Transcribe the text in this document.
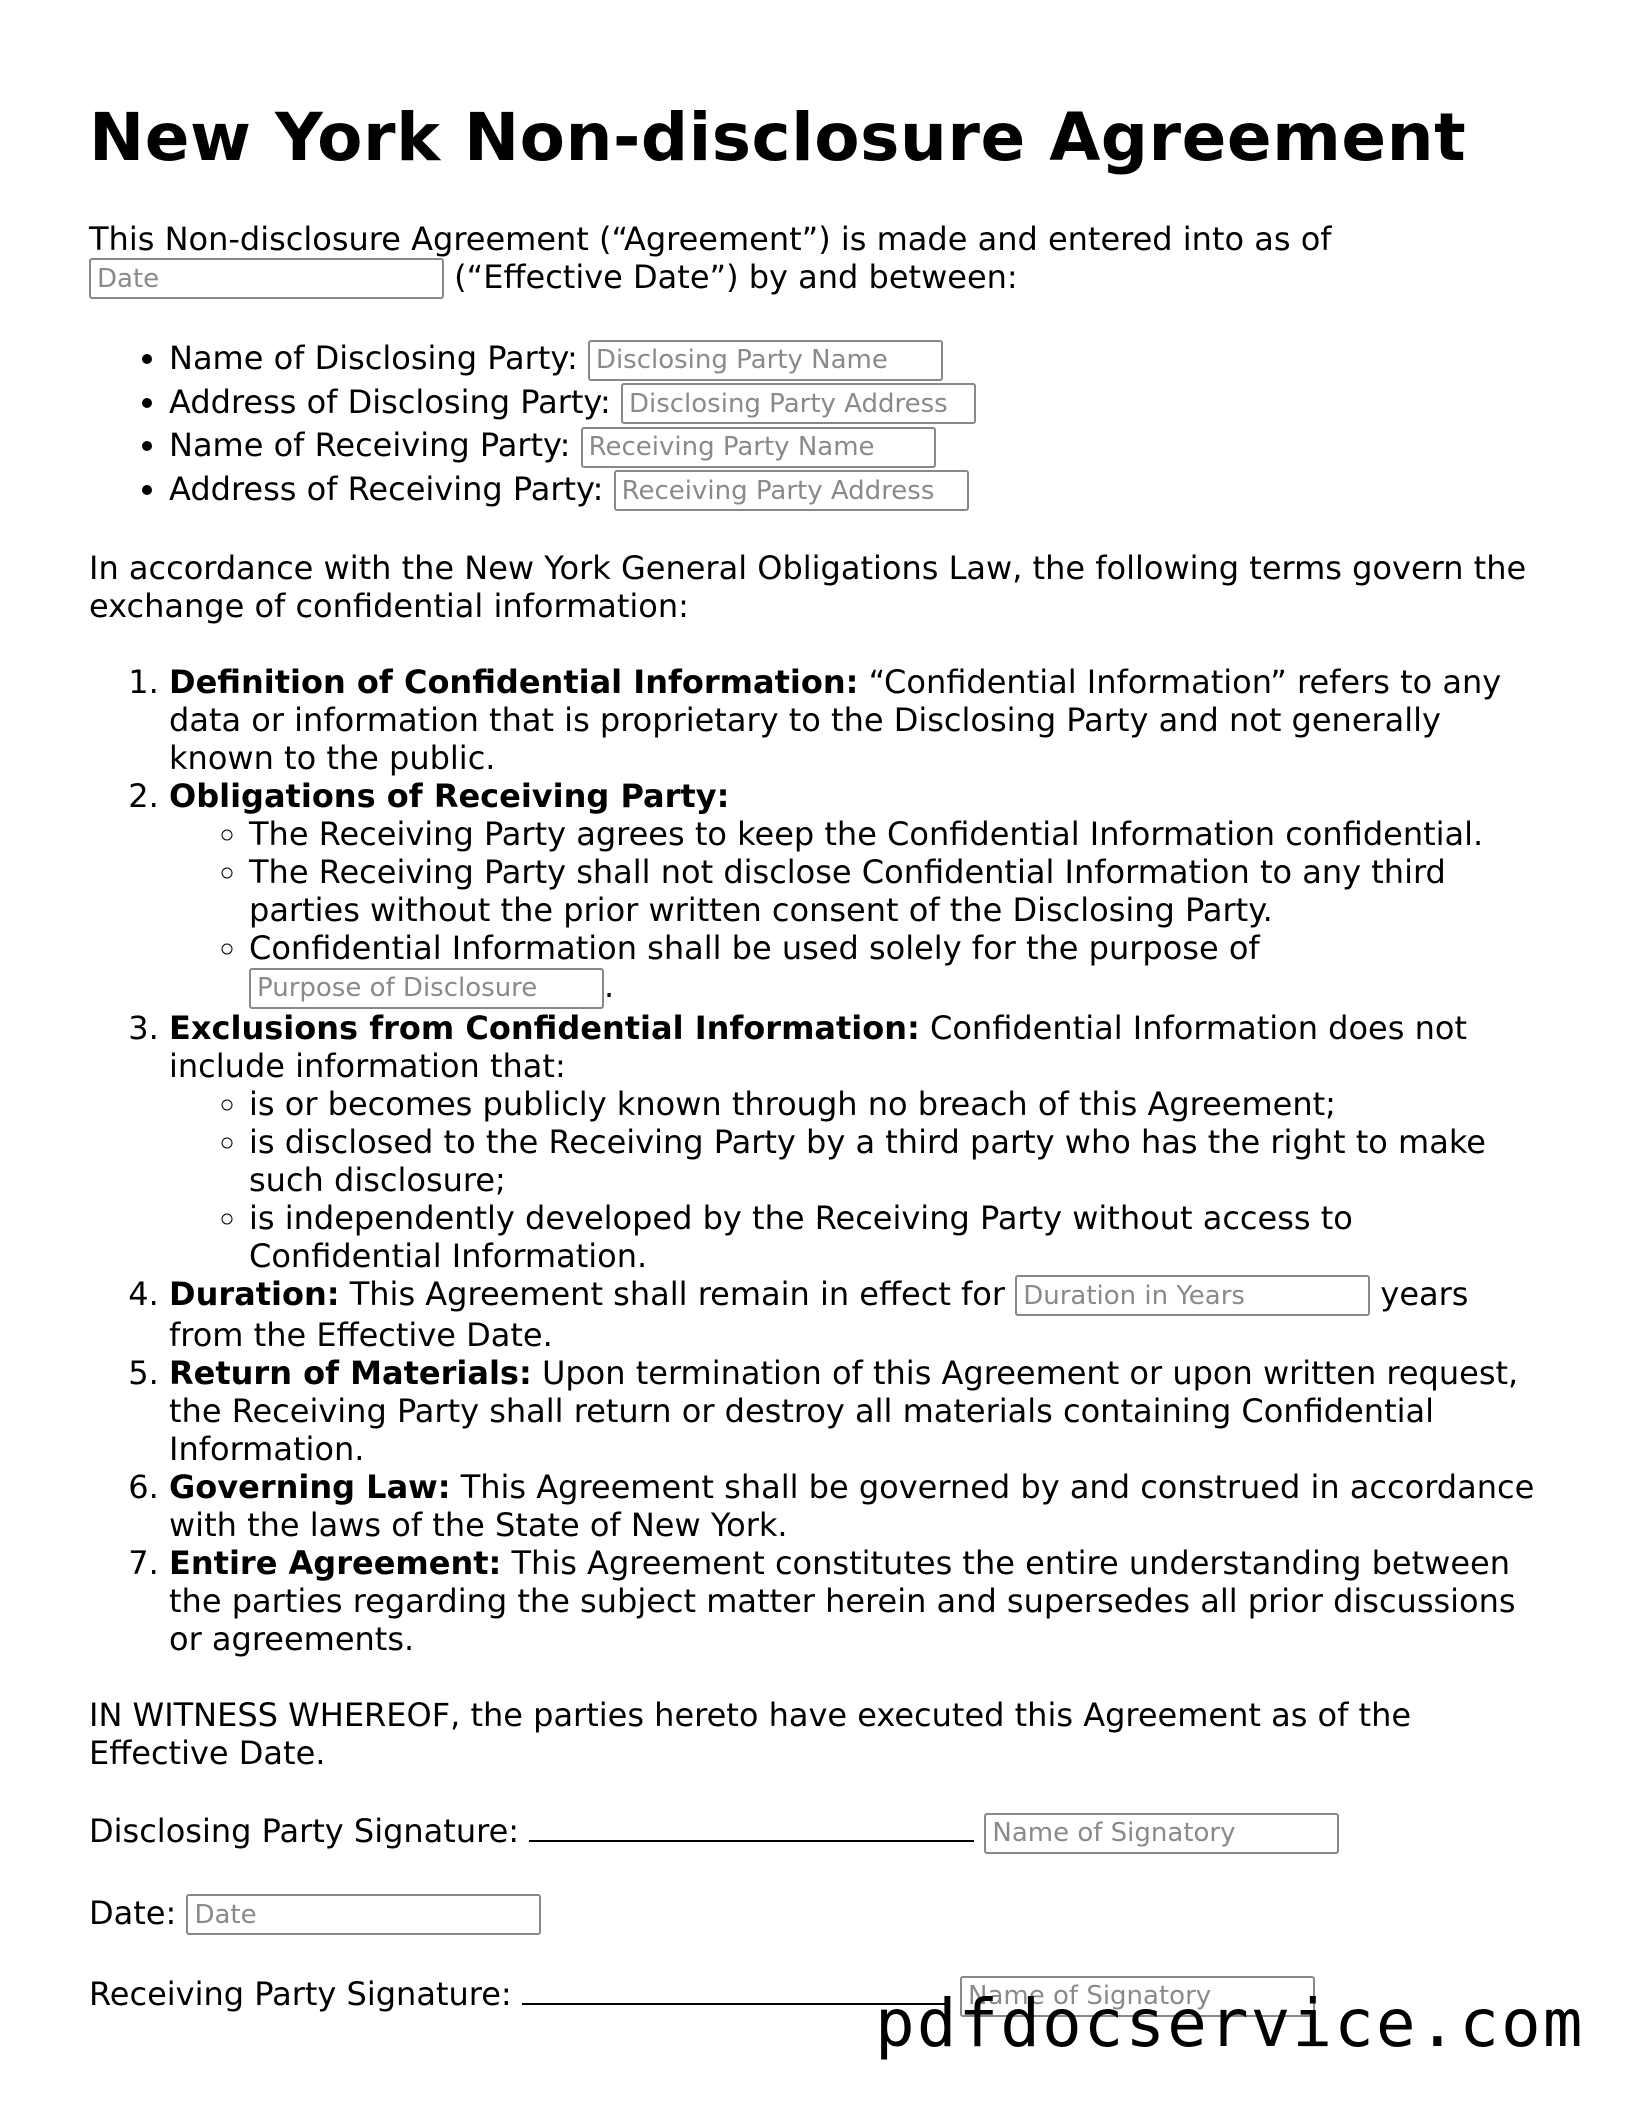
New York Non-disclosure Agreement

This Non-disclosure Agreement (“Agreement”) is made and entered into as of
Date (“Effective Date”) by and between:

• Name of Disclosing Party: Disclosing Party Name
• Address of Disclosing Party: Disclosing Party Address
• Name of Receiving Party: Receiving Party Name
• Address of Receiving Party: Receiving Party Address

In accordance with the New York General Obligations Law, the following terms govern the exchange of confidential information:

1. Definition of Confidential Information: “Confidential Information” refers to any data or information that is proprietary to the Disclosing Party and not generally known to the public.
2. Obligations of Receiving Party:
◦ The Receiving Party agrees to keep the Confidential Information confidential.
◦ The Receiving Party shall not disclose Confidential Information to any third parties without the prior written consent of the Disclosing Party.
◦ Confidential Information shall be used solely for the purpose of
Purpose of Disclosure.
3. Exclusions from Confidential Information: Confidential Information does not include information that:
◦ is or becomes publicly known through no breach of this Agreement;
◦ is disclosed to the Receiving Party by a third party who has the right to make such disclosure;
◦ is independently developed by the Receiving Party without access to Confidential Information.
4. Duration: This Agreement shall remain in effect for Duration in Years	years from the Effective Date.
5. Return of Materials: Upon termination of this Agreement or upon written request, the Receiving Party shall return or destroy all materials containing Confidential Information.
6. Governing Law: This Agreement shall be governed by and construed in accordance with the laws of the State of New York.
7. Entire Agreement: This Agreement constitutes the entire understanding between the parties regarding the subject matter herein and supersedes all prior discussions or agreements.

IN WITNESS WHEREOF, the parties hereto have executed this Agreement as of the Effective Date.

Disclosing Party Signature:  Name of Signatory
Date: Date
Receiving Party Signature:  Name of Signatory	pdfdocservice.com
